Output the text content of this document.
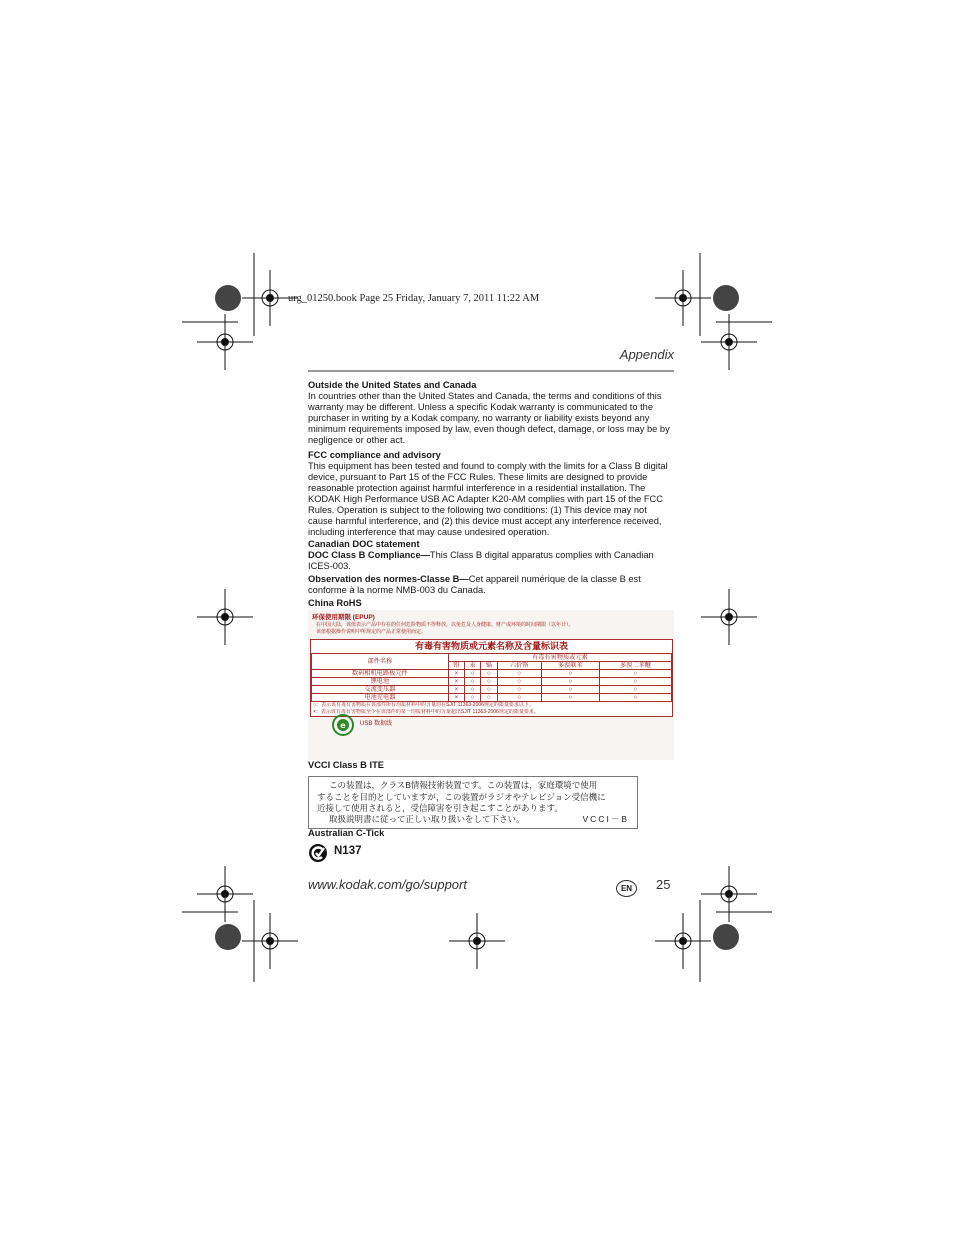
urg_01250.book Page 25 Friday, January 7, 2011 11:22 AM
Appendix
Outside the United States and Canada
In countries other than the United States and Canada, the terms and conditions of this warranty may be different. Unless a specific Kodak warranty is communicated to the purchaser in writing by a Kodak company, no warranty or liability exists beyond any minimum requirements imposed by law, even though defect, damage, or loss may be by negligence or other act.
FCC compliance and advisory
This equipment has been tested and found to comply with the limits for a Class B digital device, pursuant to Part 15 of the FCC Rules. These limits are designed to provide reasonable protection against harmful interference in a residential installation. The KODAK High Performance USB AC Adapter K20-AM complies with part 15 of the FCC Rules. Operation is subject to the following two conditions: (1) This device may not cause harmful interference, and (2) this device must accept any interference received, including interference that may cause undesired operation.
Canadian DOC statement
DOC Class B Compliance—This Class B digital apparatus complies with Canadian ICES-003.
Observation des normes-Classe B—Cet appareil numérique de la classe B est conforme à la norme NMB-003 du Canada.
China RoHS
环保使用期限 (EPUP)
在中国大陆，该值表示产品中存在的任何危险物质不得释放，以免危及人身健康、财产或环境的时间期限（以年计）。
该值根据操作说明中所规定的产品正常使用而定。
有毒有害物质或元素名称及含量标识表
部件名称	有毒有害物质或元素					
	铅	汞	镉	六价铬	多溴联苯	多溴二苯醚
数码相机电路板元件	×	○	○	○	○	○
锂电池	×	○	○	○	○	○
交流变压器	×	○	○	○	○	○
电池充电器	×	○	○	○	○	○
○：表示该有毒有害物质在该部件所有均质材料中的含量均在SJ/T 11363-2006规定的限量要求以下。
×：表示该有毒有害物质至少在该部件的某一均质材料中的含量超出SJ/T 11363-2006规定的限量要求。
e USB 数据线
VCCI Class B ITE
この装置は，クラスB情報技術装置です。この装置は，家庭環境で使用
することを目的としていますが，この装置がラジオやテレビジョン受信機に
近接して使用されると，受信障害を引き起こすことがあります。
取扱説明書に従って正しい取り扱いをして下さい。	VCCI－B
Australian C-Tick
N137
www.kodak.com/go/support	EN	25
